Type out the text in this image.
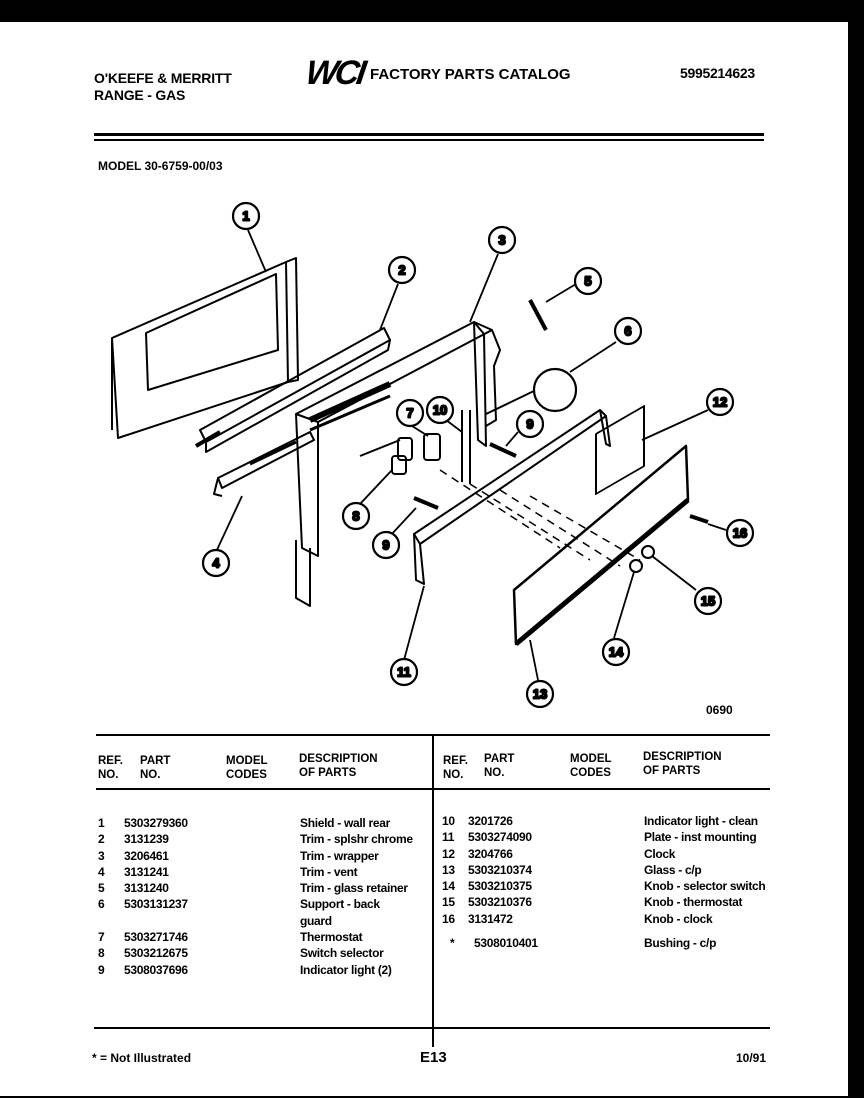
O'KEEFE & MERRITT
RANGE - GAS
WCI FACTORY PARTS CATALOG	5995214623
MODEL 30-6759-00/03
1
2
3
5
6
7 10
9
12
8
9
4
16
15
14
11
13
0690
REF.
NO.
PART
NO.
MODEL
CODES
DESCRIPTION
OF PARTS
REF.
NO.
PART
NO.
MODEL
CODES
DESCRIPTION
OF PARTS
1	5303279360	Shield - wall rear
2	3131239	Trim - splshr chrome
3	3206461	Trim - wrapper
4	3131241	Trim - vent
5	3131240	Trim - glass retainer
6	5303131237	Support - back
guard
7	5303271746	Thermostat
8	5303212675	Switch selector
9	5308037696	Indicator light (2)
10	3201726	Indicator light - clean
11	5303274090	Plate - inst mounting
12	3204766	Clock
13	5303210374	Glass - c/p
14	5303210375	Knob - selector switch
15	5303210376	Knob - thermostat
16	3131472	Knob - clock
*	5308010401	Bushing - c/p
* = Not Illustrated	E13	10/91
